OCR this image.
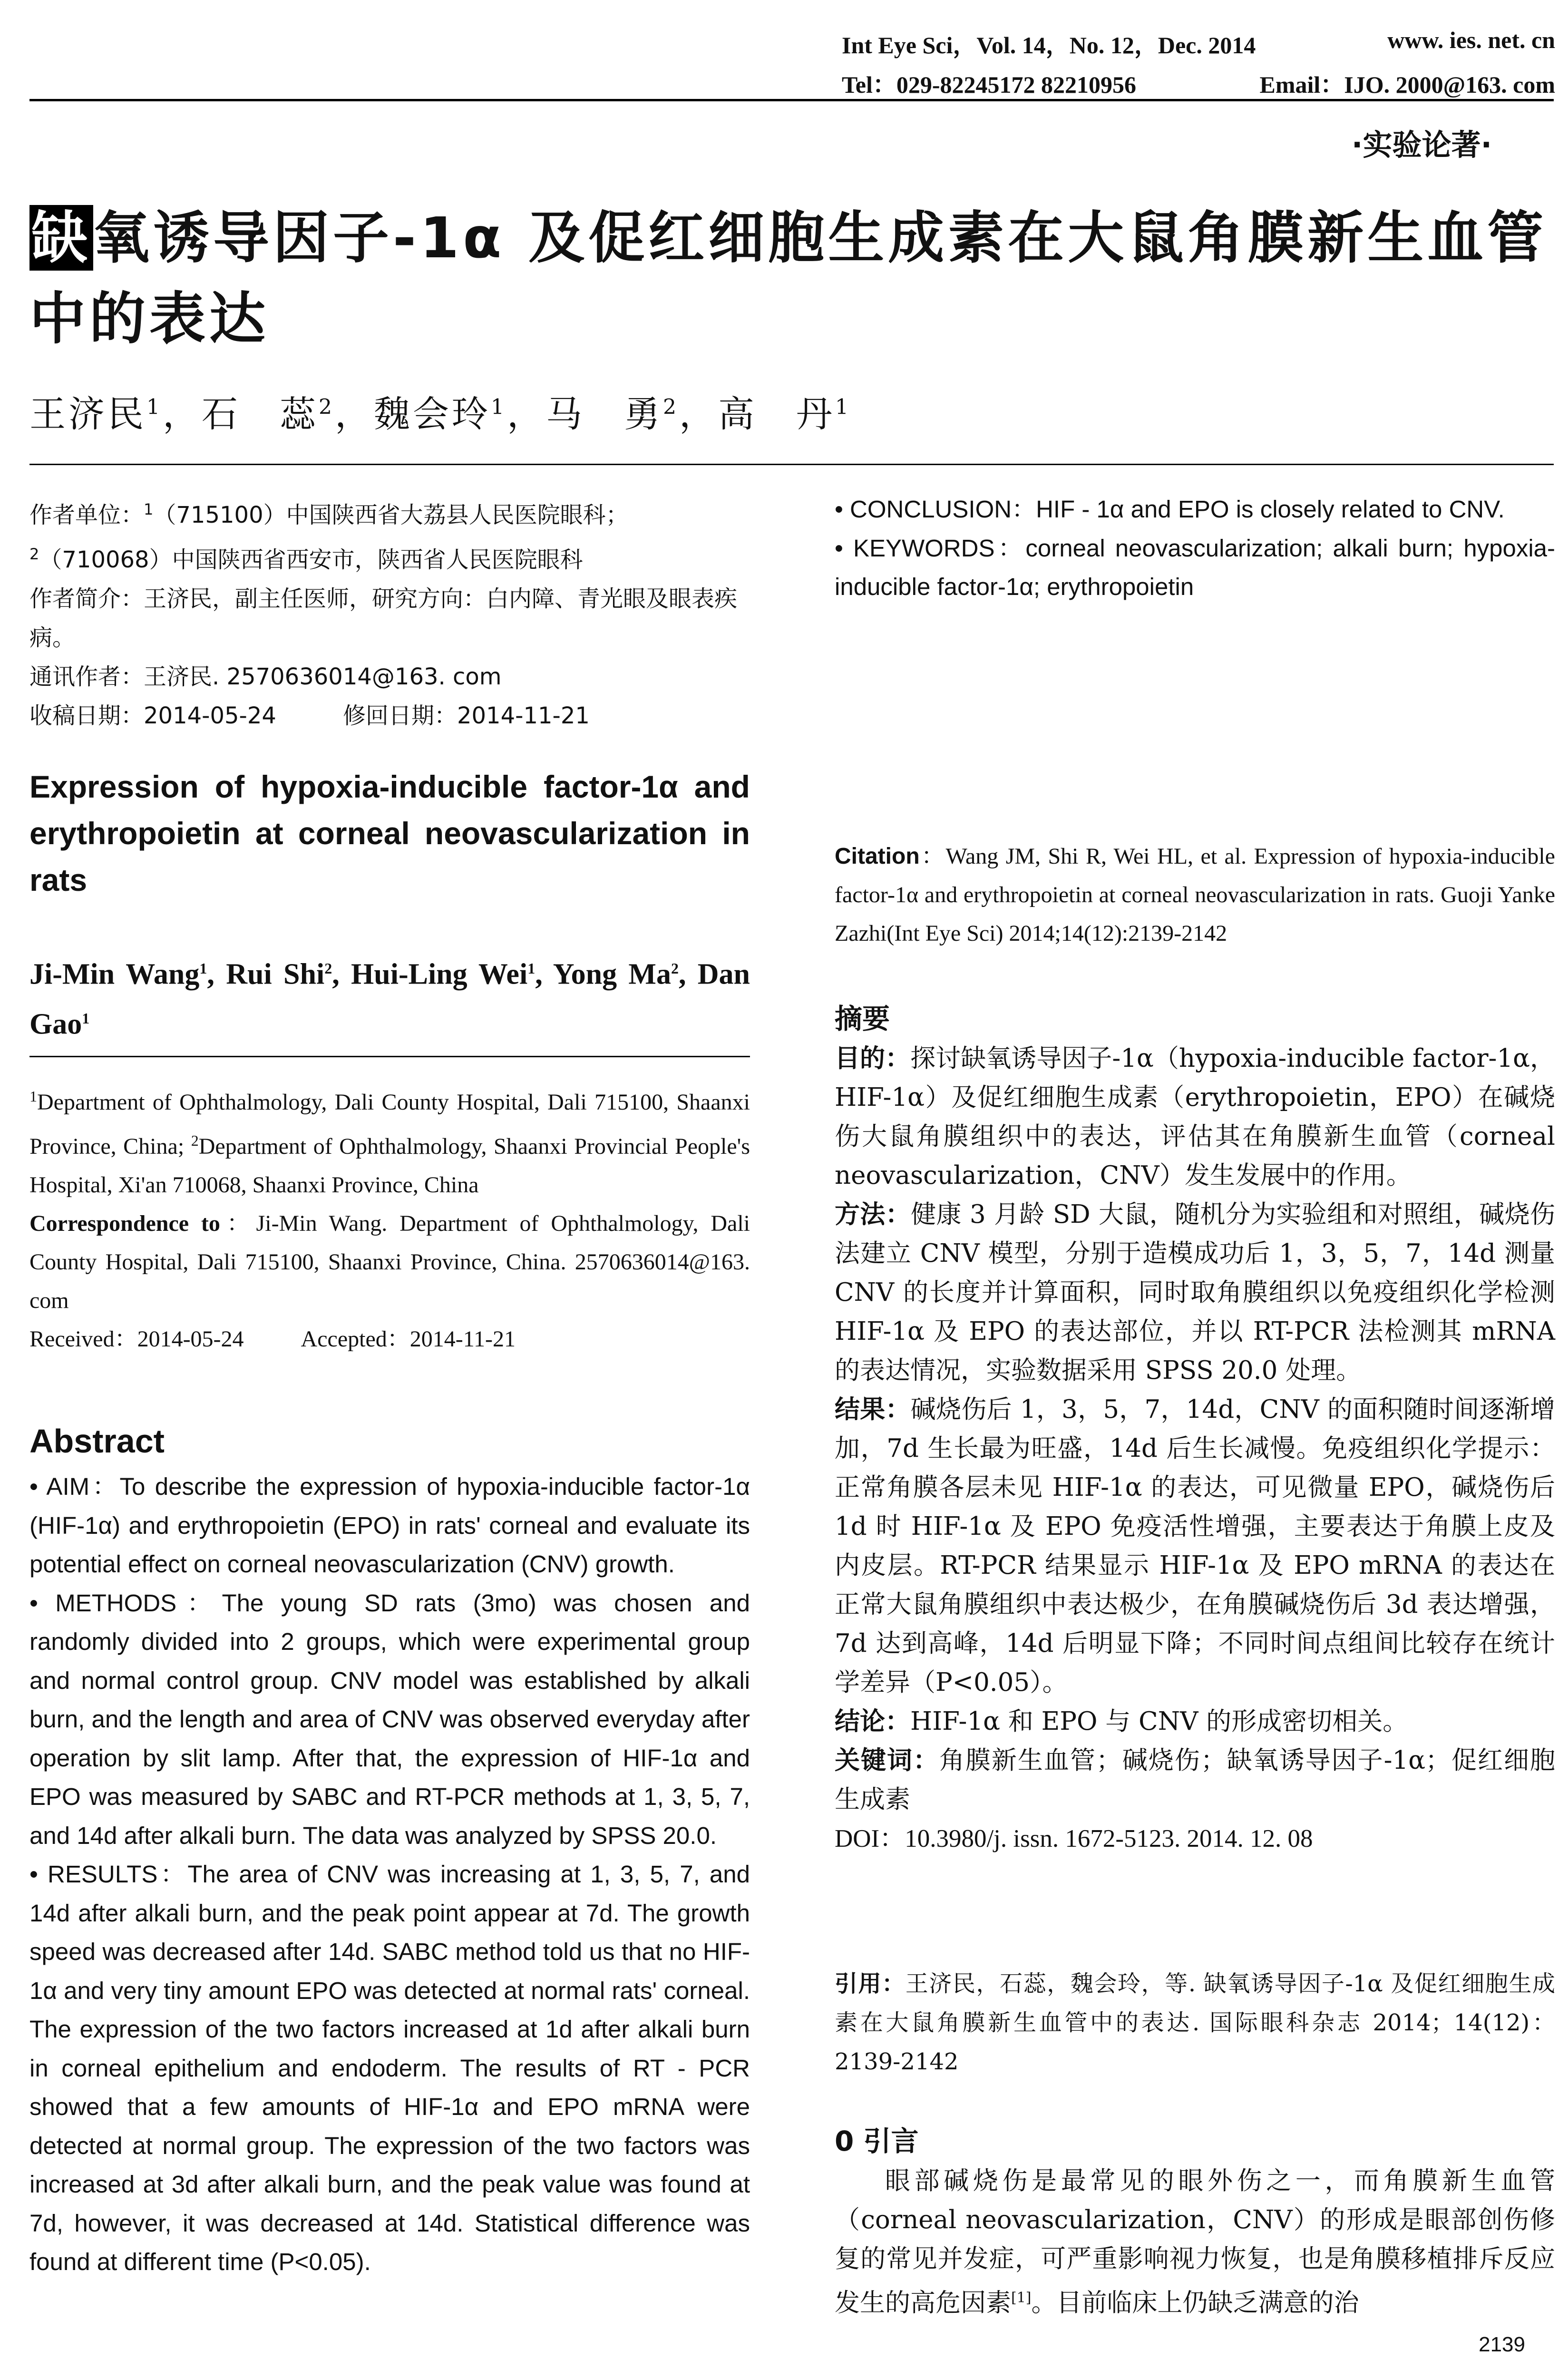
Int Eye Sci，Vol. 14，No. 12，Dec. 2014	www. ies. net. cn
Tel：029-82245172 82210956	Email：IJO. 2000@163. com
·实验论著·
缺氧诱导因子-1α 及促红细胞生成素在大鼠角膜新生血管中的表达
王济民$^1$，石　蕊$^2$，魏会玲$^1$，马　勇$^2$，高　丹$^1$

作者单位：$^1$（715100）中国陕西省大荔县人民医院眼科；

$^2$（710068）中国陕西省西安市，陕西省人民医院眼科

作者简介：王济民，副主任医师，研究方向：白内障、青光眼及眼表疾病。

通讯作者：王济民. 2570636014@163. com

收稿日期：2014-05-24	修回日期：2014-11-21

Expression of hypoxia-inducible factor-1α and erythropoietin at corneal neovascularization in rats
Ji-Min Wang$^1$, Rui Shi$^2$, Hui-Ling Wei$^1$, Yong Ma$^2$, Dan Gao$^1$

$^1$Department of Ophthalmology, Dali County Hospital, Dali 715100, Shaanxi Province, China; $^2$Department of Ophthalmology, Shaanxi Provincial People's Hospital, Xi'an 710068, Shaanxi Province, China

Correspondence to：Ji-Min Wang. Department of Ophthalmology, Dali County Hospital, Dali 715100, Shaanxi Province, China. 2570636014@163. com

Received：2014-05-24	Accepted：2014-11-21

Abstract

• AIM：To describe the expression of hypoxia-inducible factor-1α (HIF-1α) and erythropoietin (EPO) in rats' corneal and evaluate its potential effect on corneal neovascularization (CNV) growth.

• METHODS：The young SD rats (3mo) was chosen and randomly divided into 2 groups, which were experimental group and normal control group. CNV model was established by alkali burn, and the length and area of CNV was observed everyday after operation by slit lamp. After that, the expression of HIF-1α and EPO was measured by SABC and RT-PCR methods at 1, 3, 5, 7, and 14d after alkali burn. The data was analyzed by SPSS 20.0.

• RESULTS：The area of CNV was increasing at 1, 3, 5, 7, and 14d after alkali burn, and the peak point appear at 7d. The growth speed was decreased after 14d. SABC method told us that no HIF-1α and very tiny amount EPO was detected at normal rats' corneal. The expression of the two factors increased at 1d after alkali burn in corneal epithelium and endoderm. The results of RT - PCR showed that a few amounts of HIF-1α and EPO mRNA were detected at normal group. The expression of the two factors was increased at 3d after alkali burn, and the peak value was found at 7d, however, it was decreased at 14d. Statistical difference was found at different time (P<0.05).

• CONCLUSION：HIF - 1α and EPO is closely related to CNV.

• KEYWORDS：corneal neovascularization; alkali burn; hypoxia-inducible factor-1α; erythropoietin

Citation：Wang JM, Shi R, Wei HL, et al. Expression of hypoxia-inducible factor-1α and erythropoietin at corneal neovascularization in rats. Guoji Yanke Zazhi(Int Eye Sci) 2014;14(12):2139-2142
摘要

目的：探讨缺氧诱导因子-1α（hypoxia-inducible factor-1α，HIF-1α）及促红细胞生成素（erythropoietin，EPO）在碱烧伤大鼠角膜组织中的表达，评估其在角膜新生血管（corneal neovascularization，CNV）发生发展中的作用。

方法：健康 3 月龄 SD 大鼠，随机分为实验组和对照组，碱烧伤法建立 CNV 模型，分别于造模成功后 1，3，5，7，14d 测量 CNV 的长度并计算面积，同时取角膜组织以免疫组织化学检测 HIF-1α 及 EPO 的表达部位，并以 RT-PCR 法检测其 mRNA 的表达情况，实验数据采用 SPSS 20.0 处理。

结果：碱烧伤后 1，3，5，7，14d，CNV 的面积随时间逐渐增加，7d 生长最为旺盛，14d 后生长减慢。免疫组织化学提示：正常角膜各层未见 HIF-1α 的表达，可见微量 EPO，碱烧伤后 1d 时 HIF-1α 及 EPO 免疫活性增强，主要表达于角膜上皮及内皮层。RT-PCR 结果显示 HIF-1α 及 EPO mRNA 的表达在正常大鼠角膜组织中表达极少，在角膜碱烧伤后 3d 表达增强，7d 达到高峰，14d 后明显下降；不同时间点组间比较存在统计学差异（P<0.05）。

结论：HIF-1α 和 EPO 与 CNV 的形成密切相关。

关键词：角膜新生血管；碱烧伤；缺氧诱导因子-1α；促红细胞生成素

DOI：10.3980/j. issn. 1672-5123. 2014. 12. 08

引用：王济民，石蕊，魏会玲，等. 缺氧诱导因子-1α 及促红细胞生成素在大鼠角膜新生血管中的表达. 国际眼科杂志 2014；14(12)：2139-2142
0 引言
眼部碱烧伤是最常见的眼外伤之一，而角膜新生血管（corneal neovascularization，CNV）的形成是眼部创伤修复的常见并发症，可严重影响视力恢复，也是角膜移植排斥反应发生的高危因素[1]。目前临床上仍缺乏满意的治
2139
